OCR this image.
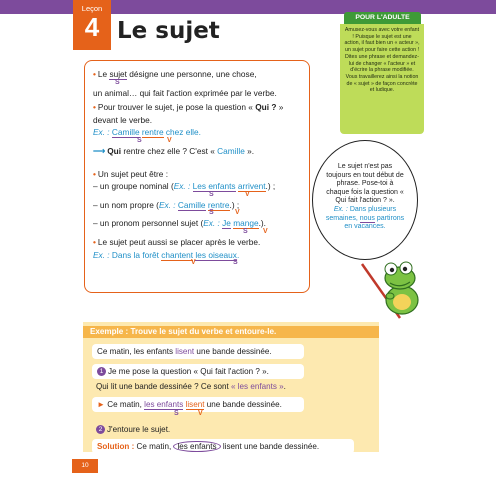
Leçon
4 Le sujet
POUR L'ADULTE
Amusez-vous avec votre enfant ! Puisque le sujet est une action, il faut bien un « acteur », un sujet pour faire cette action ! Dites une phrase et demandez-lui de changer « l'acteur » et d'écrire la phrase modifiée. Vous travaillerez ainsi la notion de « sujet » de façon concrète et ludique.
• Le sujet désigne une personne, une chose,
S
un animal… qui fait l'action exprimée par le verbe.
• Pour trouver le sujet, je pose la question « Qui ? »
devant le verbe.
Ex. : Camille rentre chez elle.
S	V
⟶ Qui rentre chez elle ? C'est « Camille ».
• Un sujet peut être :
– un groupe nominal (Ex. : Les enfants arrivent.) ;
S	V
– un nom propre (Ex. : Camille rentre.) ;
S	V
– un pronom personnel sujet (Ex. : Je mange.).
S V
• Le sujet peut aussi se placer après le verbe.
Ex. : Dans la forêt chantent les oiseaux.
V	S
Le sujet n'est pas toujours en tout début de phrase. Pose-toi à chaque fois la question « Qui fait l'action ? ».
Ex. : Dans plusieurs semaines, nous partirons en vacances.
Exemple : Trouve le sujet du verbe et entoure-le.
Ce matin, les enfants lisent une bande dessinée.
1 Je me pose la question « Qui fait l'action ? ».
Qui lit une bande dessinée ? Ce sont « les enfants ».
► Ce matin, les enfants lisent une bande dessinée.
S	V
2 J'entoure le sujet.
Solution : Ce matin, les enfants lisent une bande dessinée.
10
